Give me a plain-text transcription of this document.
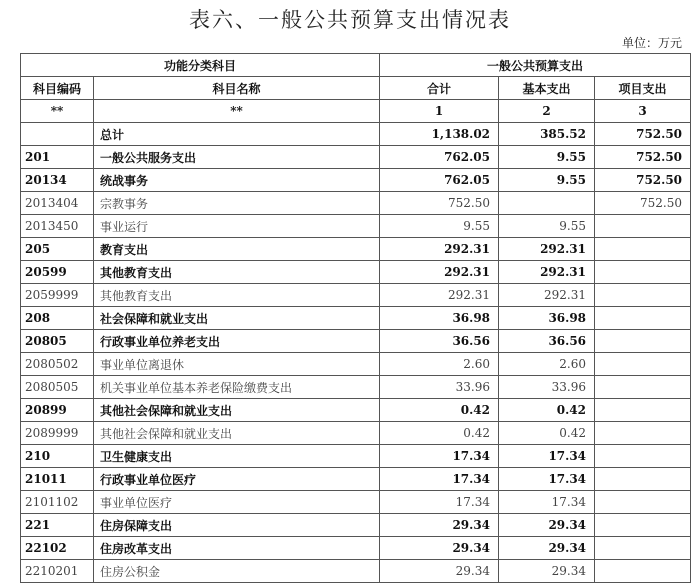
表六、一般公共预算支出情况表
单位：万元
功能分类科目		一般公共预算支出		
科目编码	科目名称	合计	基本支出	项目支出
**	**	1	2	3
	总计	1,138.02	385.52	752.50
201	一般公共服务支出	762.05	9.55	752.50
20134	统战事务	762.05	9.55	752.50
2013404	宗教事务	752.50		752.50
2013450	事业运行	9.55	9.55	
205	教育支出	292.31	292.31	
20599	其他教育支出	292.31	292.31	
2059999	其他教育支出	292.31	292.31	
208	社会保障和就业支出	36.98	36.98	
20805	行政事业单位养老支出	36.56	36.56	
2080502	事业单位离退休	2.60	2.60	
2080505	机关事业单位基本养老保险缴费支出	33.96	33.96	
20899	其他社会保障和就业支出	0.42	0.42	
2089999	其他社会保障和就业支出	0.42	0.42	
210	卫生健康支出	17.34	17.34	
21011	行政事业单位医疗	17.34	17.34	
2101102	事业单位医疗	17.34	17.34	
221	住房保障支出	29.34	29.34	
22102	住房改革支出	29.34	29.34	
2210201	住房公积金	29.34	29.34	
